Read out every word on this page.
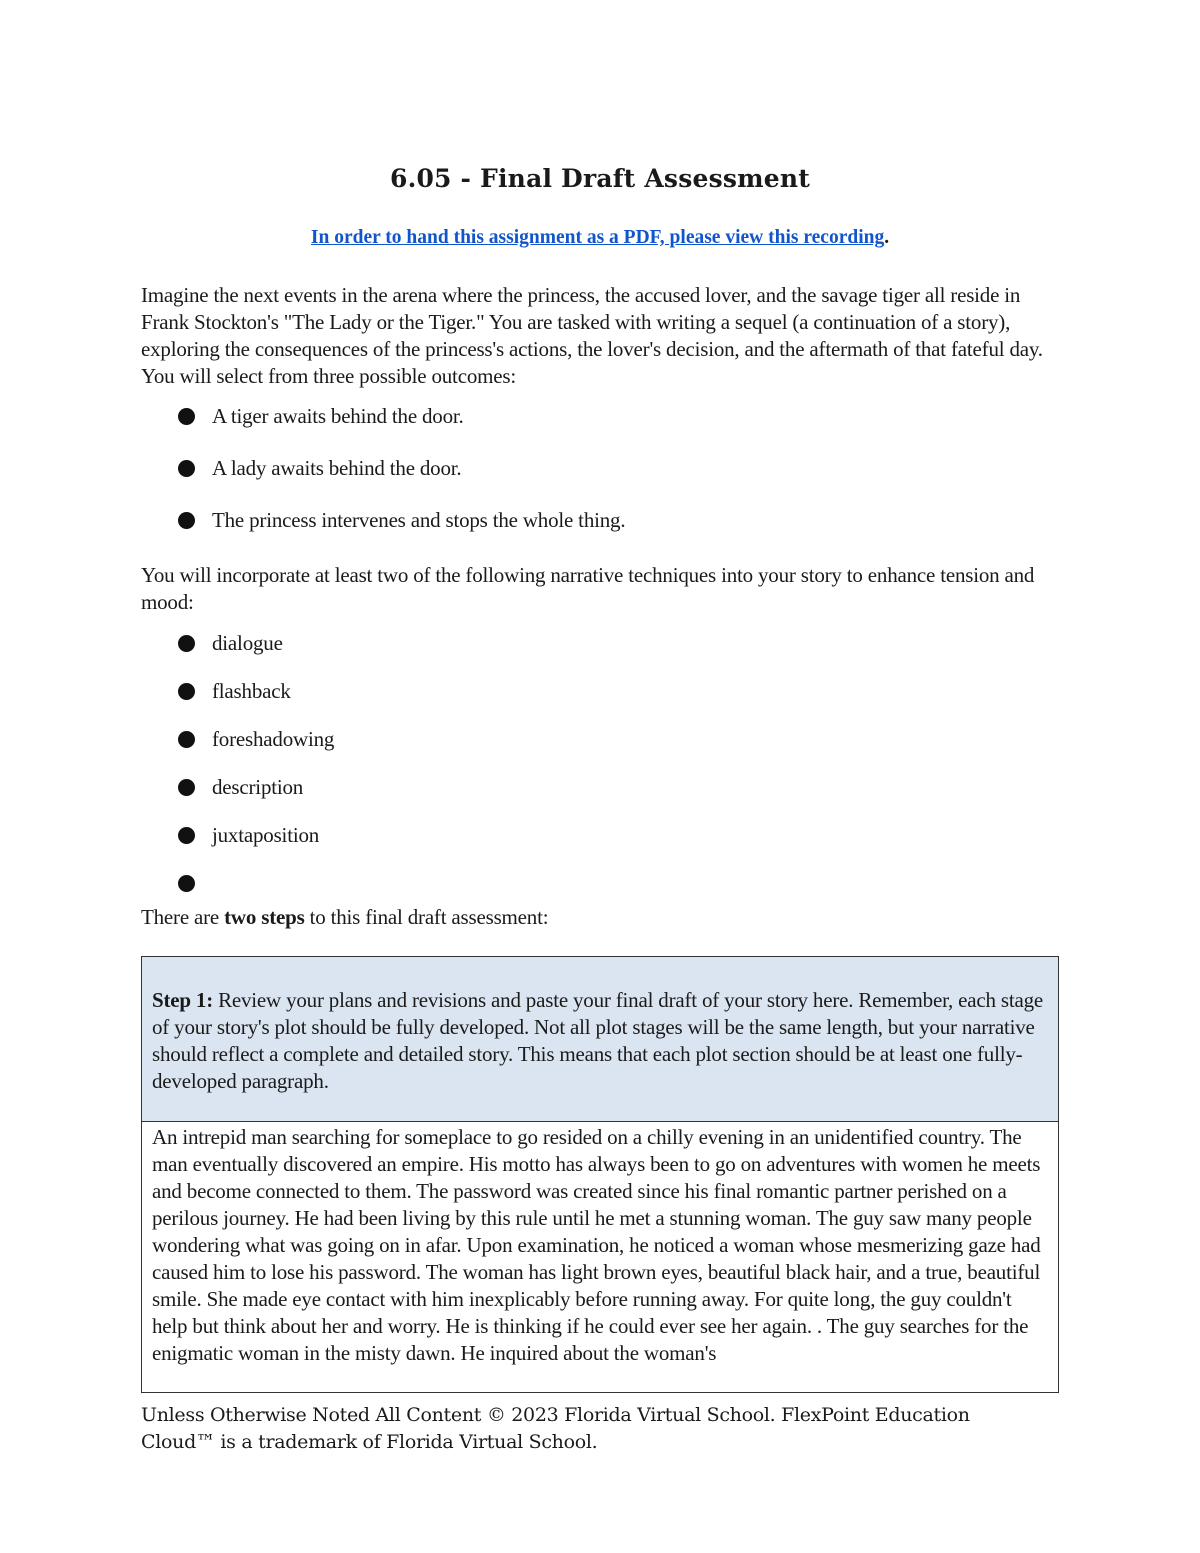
6.05 - Final Draft Assessment

In order to hand this assignment as a PDF, please view this recording.

Imagine the next events in the arena where the princess, the accused lover, and the savage tiger all reside in Frank Stockton's "The Lady or the Tiger." You are tasked with writing a sequel (a continuation of a story), exploring the consequences of the princess's actions, the lover's decision, and the aftermath of that fateful day. You will select from three possible outcomes:

A tiger awaits behind the door.
A lady awaits behind the door.
The princess intervenes and stops the whole thing.

You will incorporate at least two of the following narrative techniques into your story to enhance tension and mood:

dialogue
flashback
foreshadowing
description
juxtaposition

There are two steps to this final draft assessment:

Step 1: Review your plans and revisions and paste your final draft of your story here. Remember, each stage of your story's plot should be fully developed. Not all plot stages will be the same length, but your narrative should reflect a complete and detailed story. This means that each plot section should be at least one fully-developed paragraph.
An intrepid man searching for someplace to go resided on a chilly evening in an unidentified country. The man eventually discovered an empire. His motto has always been to go on adventures with women he meets and become connected to them. The password was created since his final romantic partner perished on a perilous journey. He had been living by this rule until he met a stunning woman. The guy saw many people wondering what was going on in afar. Upon examination, he noticed a woman whose mesmerizing gaze had caused him to lose his password. The woman has light brown eyes, beautiful black hair, and a true, beautiful smile. She made eye contact with him inexplicably before running away. For quite long, the guy couldn't help but think about her and worry. He is thinking if he could ever see her again. . The guy searches for the enigmatic woman in the misty dawn. He inquired about the woman's

Unless Otherwise Noted All Content © 2023 Florida Virtual School. FlexPoint Education Cloud™ is a trademark of Florida Virtual School.
